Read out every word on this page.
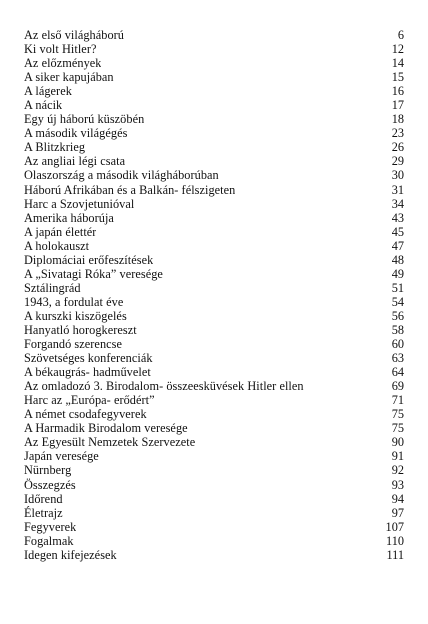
Az első világháború	6
Ki volt Hitler?	12
Az előzmények	14
A siker kapujában	15
A lágerek	16
A nácik	17
Egy új háború küszöbén	18
A második világégés	23
A Blitzkrieg	26
Az angliai légi csata	29
Olaszország a második világháborúban	30
Háború Afrikában és a Balkán- félszigeten	31
Harc a Szovjetunióval	34
Amerika háborúja	43
A japán élettér	45
A holokauszt	47
Diplomáciai erőfeszítések	48
A „Sivatagi Róka” veresége	49
Sztálingrád	51
1943, a fordulat éve	54
A kurszki kiszögelés	56
Hanyatló horogkereszt	58
Forgandó szerencse	60
Szövetséges konferenciák	63
A békaugrás- hadművelet	64
Az omladozó 3. Birodalom- összeesküvések Hitler ellen	69
Harc az „Európa- erődért”	71
A német csodafegyverek	75
A Harmadik Birodalom veresége	75
Az Egyesült Nemzetek Szervezete	90
Japán veresége	91
Nürnberg	92
Összegzés	93
Időrend	94
Életrajz	97
Fegyverek	107
Fogalmak	110
Idegen kifejezések	111
